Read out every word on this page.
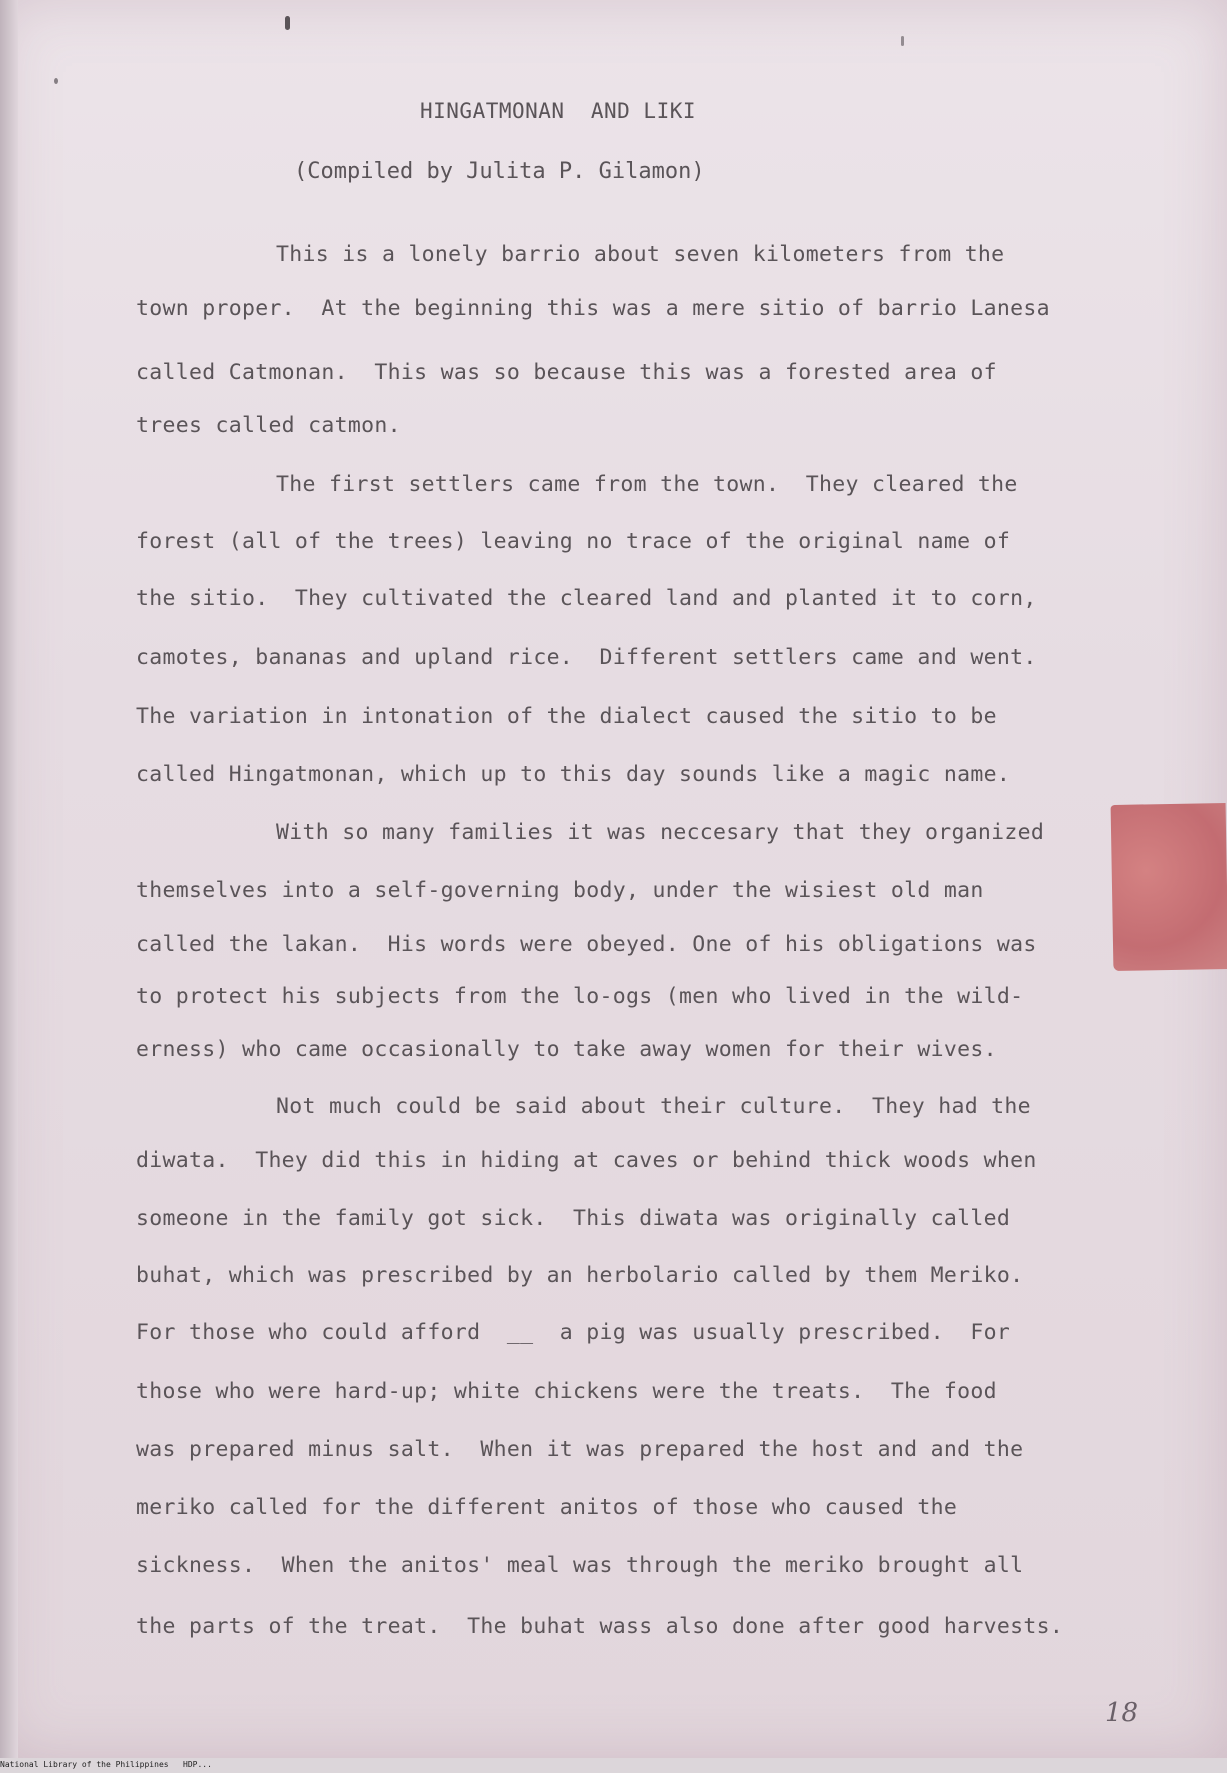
HINGATMONAN  AND LIKI
(Compiled by Julita P. Gilamon)
This is a lonely barrio about seven kilometers from the
town proper.  At the beginning this was a mere sitio of barrio Lanesa
called Catmonan.  This was so because this was a forested area of
trees called catmon.
The first settlers came from the town.  They cleared the
forest (all of the trees) leaving no trace of the original name of
the sitio.  They cultivated the cleared land and planted it to corn,
camotes, bananas and upland rice.  Different settlers came and went.
The variation in intonation of the dialect caused the sitio to be
called Hingatmonan, which up to this day sounds like a magic name.
With so many families it was neccesary that they organized
themselves into a self-governing body, under the wisiest old man
called the lakan.  His words were obeyed. One of his obligations was
to protect his subjects from the lo-ogs (men who lived in the wild-
erness) who came occasionally to take away women for their wives.
Not much could be said about their culture.  They had the
diwata.  They did this in hiding at caves or behind thick woods when
someone in the family got sick.  This diwata was originally called
buhat, which was prescribed by an herbolario called by them Meriko.
For those who could afford  __  a pig was usually prescribed.  For
those who were hard-up; white chickens were the treats.  The food
was prepared minus salt.  When it was prepared the host and and the
meriko called for the different anitos of those who caused the
sickness.  When the anitos' meal was through the meriko brought all
the parts of the treat.  The buhat wass also done after good harvests.
18
National Library of the Philippines   HDP...
